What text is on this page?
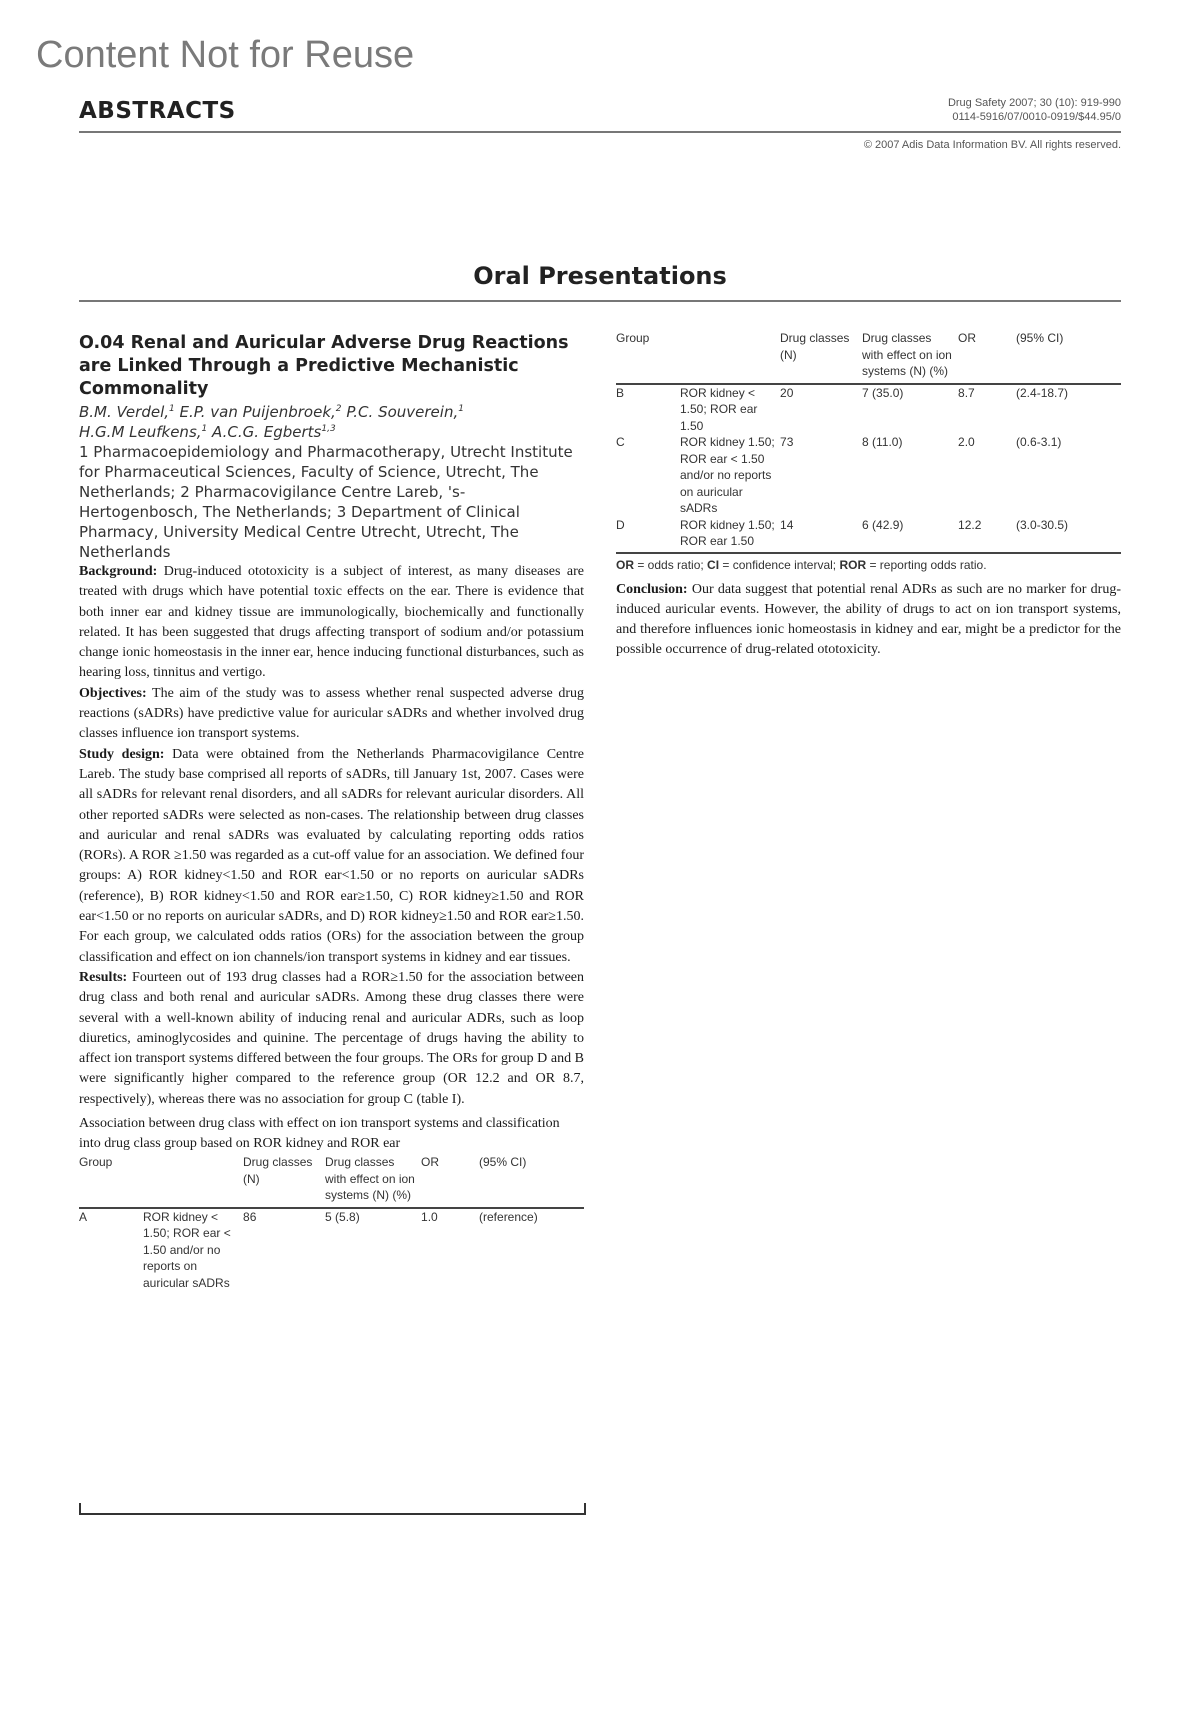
Content Not for Reuse
ABSTRACTS	Drug Safety 2007; 30 (10): 919-990
0114-5916/07/0010-0919/$44.95/0
© 2007 Adis Data Information BV. All rights reserved.
Oral Presentations
O.04 Renal and Auricular Adverse Drug Reactions are Linked Through a Predictive Mechanistic Commonality
B.M. Verdel,$^1$ E.P. van Puijenbroek,$^2$ P.C. Souverein,$^1$
H.G.M Leufkens,$^1$ A.C.G. Egberts$^{1,3}$
1 Pharmacoepidemiology and Pharmacotherapy, Utrecht Institute for Pharmaceutical Sciences, Faculty of Science, Utrecht, The Netherlands; 2 Pharmacovigilance Centre Lareb, 's-Hertogenbosch, The Netherlands; 3 Department of Clinical Pharmacy, University Medical Centre Utrecht, Utrecht, The Netherlands

Background: Drug-induced ototoxicity is a subject of interest, as many diseases are treated with drugs which have potential toxic effects on the ear. There is evidence that both inner ear and kidney tissue are immunologically, biochemically and functionally related. It has been suggested that drugs affecting transport of sodium and/or potassium change ionic homeostasis in the inner ear, hence inducing functional disturbances, such as hearing loss, tinnitus and vertigo.

Objectives: The aim of the study was to assess whether renal suspected adverse drug reactions (sADRs) have predictive value for auricular sADRs and whether involved drug classes influence ion transport systems.

Study design: Data were obtained from the Netherlands Pharmacovigilance Centre Lareb. The study base comprised all reports of sADRs, till January 1st, 2007. Cases were all sADRs for relevant renal disorders, and all sADRs for relevant auricular disorders. All other reported sADRs were selected as non-cases. The relationship between drug classes and auricular and renal sADRs was evaluated by calculating reporting odds ratios (RORs). A ROR ≥1.50 was regarded as a cut-off value for an association. We defined four groups: A) ROR kidney<1.50 and ROR ear<1.50 or no reports on auricular sADRs (reference), B) ROR kidney<1.50 and ROR ear≥1.50, C) ROR kidney≥1.50 and ROR ear<1.50 or no reports on auricular sADRs, and D) ROR kidney≥1.50 and ROR ear≥1.50. For each group, we calculated odds ratios (ORs) for the association between the group classification and effect on ion channels/ion transport systems in kidney and ear tissues.

Results: Fourteen out of 193 drug classes had a ROR≥1.50 for the association between drug class and both renal and auricular sADRs. Among these drug classes there were several with a well-known ability of inducing renal and auricular ADRs, such as loop diuretics, aminoglycosides and quinine. The percentage of drugs having the ability to affect ion transport systems differed between the four groups. The ORs for group D and B were significantly higher compared to the reference group (OR 12.2 and OR 8.7, respectively), whereas there was no association for group C (table I).

Association between drug class with effect on ion transport systems and classification into drug class group based on ROR kidney and ROR ear
Group		Drug classes (N)	Drug classes with effect on ion systems (N) (%)	OR	(95% CI)
A	ROR kidney < 1.50; ROR ear < 1.50 and/or no reports on auricular sADRs	86	5 (5.8)	1.0	(reference)
Group		Drug classes (N)	Drug classes with effect on ion systems (N) (%)	OR	(95% CI)
B	ROR kidney < 1.50; ROR ear 1.50	20	7 (35.0)	8.7	(2.4-18.7)
C	ROR kidney 1.50; ROR ear < 1.50 and/or no reports on auricular sADRs	73	8 (11.0)	2.0	(0.6-3.1)
D	ROR kidney 1.50; ROR ear 1.50	14	6 (42.9)	12.2	(3.0-30.5)
OR = odds ratio; CI = confidence interval; ROR = reporting odds ratio.

Conclusion: Our data suggest that potential renal ADRs as such are no marker for drug-induced auricular events. However, the ability of drugs to act on ion transport systems, and therefore influences ionic homeostasis in kidney and ear, might be a predictor for the possible occurrence of drug-related ototoxicity.
